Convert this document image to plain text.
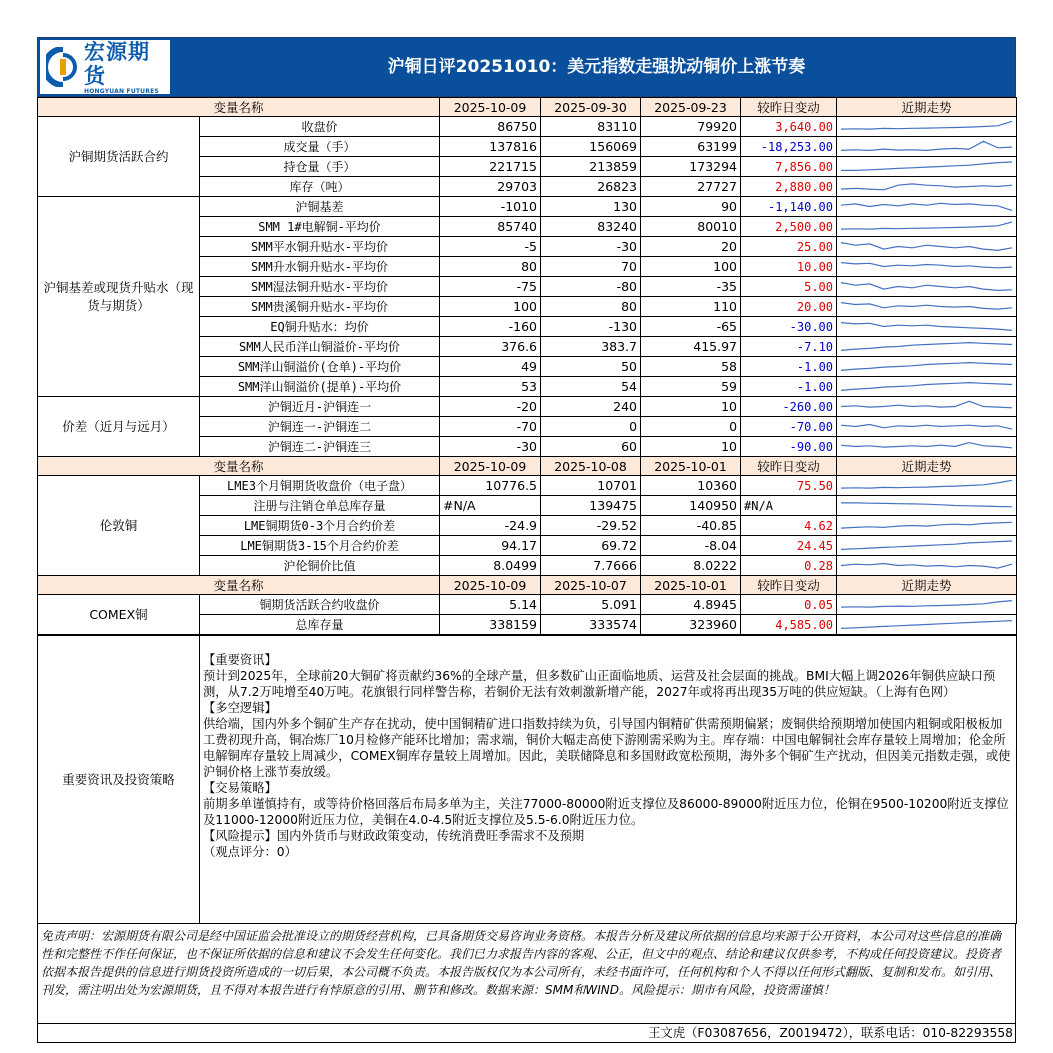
宏源期货
HONGYUAN FUTURES
沪铜日评20251010：美元指数走强扰动铜价上涨节奏
变量名称		2025-10-09	2025-09-30	2025-09-23	较昨日变动	近期走势
沪铜期货活跃合约	收盘价	86750	83110	79920	3,640.00	

	成交量（手）	137816	156069	63199	-18,253.00	

	持仓量（手）	221715	213859	173294	7,856.00	

	库存（吨）	29703	26823	27727	2,880.00	

沪铜基差或现货升贴水（现货与期货）	沪铜基差	-1010	130	90	-1,140.00	

	SMM 1#电解铜-平均价	85740	83240	80010	2,500.00	

	SMM平水铜升贴水-平均价	-5	-30	20	25.00	

	SMM升水铜升贴水-平均价	80	70	100	10.00	

	SMM湿法铜升贴水-平均价	-75	-80	-35	5.00	

	SMM贵溪铜升贴水-平均价	100	80	110	20.00	

	EQ铜升贴水：均价	-160	-130	-65	-30.00	

	SMM人民币洋山铜溢价-平均价	376.6	383.7	415.97	-7.10	

	SMM洋山铜溢价(仓单)-平均价	49	50	58	-1.00	

	SMM洋山铜溢价(提单)-平均价	53	54	59	-1.00	

价差（近月与远月）	沪铜近月-沪铜连一	-20	240	10	-260.00	

	沪铜连一-沪铜连二	-70	0	0	-70.00	

	沪铜连二-沪铜连三	-30	60	10	-90.00	

变量名称		2025-10-09	2025-10-08	2025-10-01	较昨日变动	近期走势
伦敦铜	LME3个月铜期货收盘价（电子盘）	10776.5	10701	10360	75.50	

	注册与注销仓单总库存量	#N/A	139475	140950	#N/A	

	LME铜期货0-3个月合约价差	-24.9	-29.52	-40.85	4.62	

	LME铜期货3-15个月合约价差	94.17	69.72	-8.04	24.45	

	沪伦铜价比值	8.0499	7.7666	8.0222	0.28	

变量名称		2025-10-09	2025-10-07	2025-10-01	较昨日变动	近期走势
COMEX铜	铜期货活跃合约收盘价	5.14	5.091	4.8945	0.05	

	总库存量	338159	333574	323960	4,585.00	
重要资讯及投资策略	

【重要资讯】

预计到2025年，全球前20大铜矿将贡献约36%的全球产量，但多数矿山正面临地质、运营及社会层面的挑战。BMI大幅上调2026年铜供应缺口预测，从7.2万吨增至40万吨。花旗银行同样警告称，若铜价无法有效刺激新增产能，2027年或将再出现35万吨的供应短缺。（上海有色网）

【多空逻辑】

供给端，国内外多个铜矿生产存在扰动，使中国铜精矿进口指数持续为负，引导国内铜精矿供需预期偏紧；废铜供给预期增加使国内粗铜或阳极板加工费初现升高，铜冶炼厂10月检修产能环比增加；需求端，铜价大幅走高使下游刚需采购为主。库存端：中国电解铜社会库存量较上周增加；伦金所电解铜库存量较上周减少，COMEX铜库存量较上周增加。因此，美联储降息和多国财政宽松预期，海外多个铜矿生产扰动，但因美元指数走强，或使沪铜价格上涨节奏放缓。

【交易策略】

前期多单谨慎持有，或等待价格回落后布局多单为主，关注77000-80000附近支撑位及86000-89000附近压力位，伦铜在9500-10200附近支撑位及11000-12000附近压力位，美铜在4.0-4.5附近支撑位及5.5-6.0附近压力位。

【风险提示】国内外货币与财政政策变动，传统消费旺季需求不及预期

（观点评分：0）

免责声明：宏源期货有限公司是经中国证监会批准设立的期货经营机构，已具备期货交易咨询业务资格。本报告分析及建议所依据的信息均来源于公开资料，本公司对这些信息的准确性和完整性不作任何保证，也不保证所依据的信息和建议不会发生任何变化。我们已力求报告内容的客观、公正，但文中的观点、结论和建议仅供参考，不构成任何投资建议。投资者依据本报告提供的信息进行期货投资所造成的一切后果，本公司概不负责。本报告版权仅为本公司所有，未经书面许可，任何机构和个人不得以任何形式翻版、复制和发布。如引用、刊发，需注明出处为宏源期货，且不得对本报告进行有悖原意的引用、删节和修改。数据来源：SMM和WIND。风险提示：期市有风险，投资需谨慎！
王文虎（F03087656，Z0019472），联系电话：010-82293558
